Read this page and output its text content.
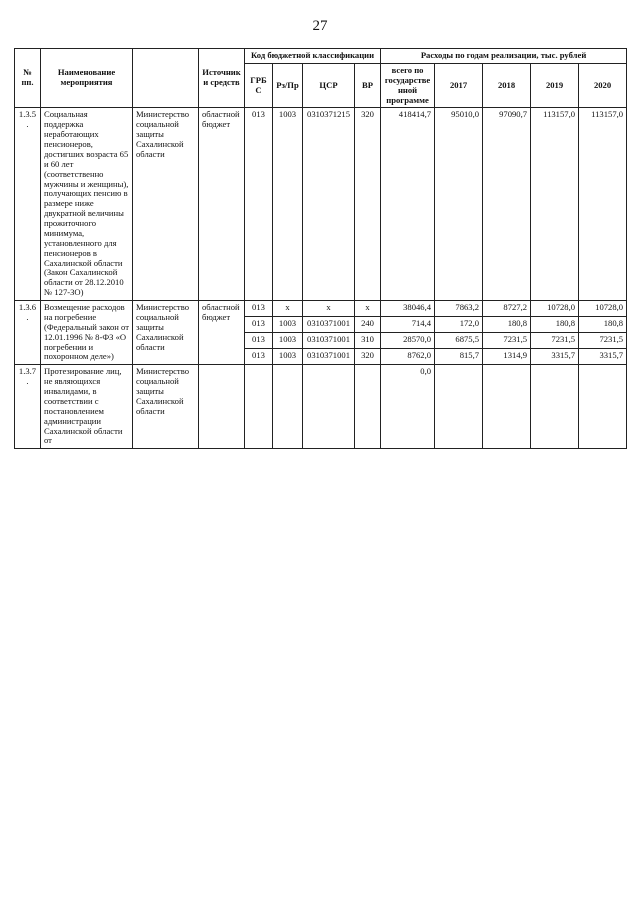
27
№ пп.	Наименование мероприятия		Источники средств	Код бюджетной классификации				Расходы по годам реализации, тыс. рублей				
				ГРБС	Рз/Пр	ЦСР	ВР	всего по государственной программе	2017	2018	2019	2020
1.3.5.	Социальная поддержка неработающих пенсионеров, достигших возраста 65 и 60 лет (соответственно мужчины и женщины), получающих пенсию в размере ниже двукратной величины прожиточного минимума, установленного для пенсионеров в Сахалинской области (Закон Сахалинской области от 28.12.2010 № 127-ЗО)	Министерство социальной защиты Сахалинской области	областной бюджет	013	1003	0310371215	320	418414,7	95010,0	97090,7	113157,0	113157,0
1.3.6.	Возмещение расходов на погребение (Федеральный закон от 12.01.1996 № 8-ФЗ «О погребении и похоронном деле»)	Министерство социальной защиты Сахалинской области	областной бюджет	013	х	х	х	38046,4	7863,2	8727,2	10728,0	10728,0
				013	1003	0310371001	240	714,4	172,0	180,8	180,8	180,8
				013	1003	0310371001	310	28570,0	6875,5	7231,5	7231,5	7231,5
				013	1003	0310371001	320	8762,0	815,7	1314,9	3315,7	3315,7
1.3.7.	Протезирование лиц, не являющихся инвалидами, в соответствии с постановлением администрации Сахалинской области от	Министерство социальной защиты Сахалинской области						0,0				
